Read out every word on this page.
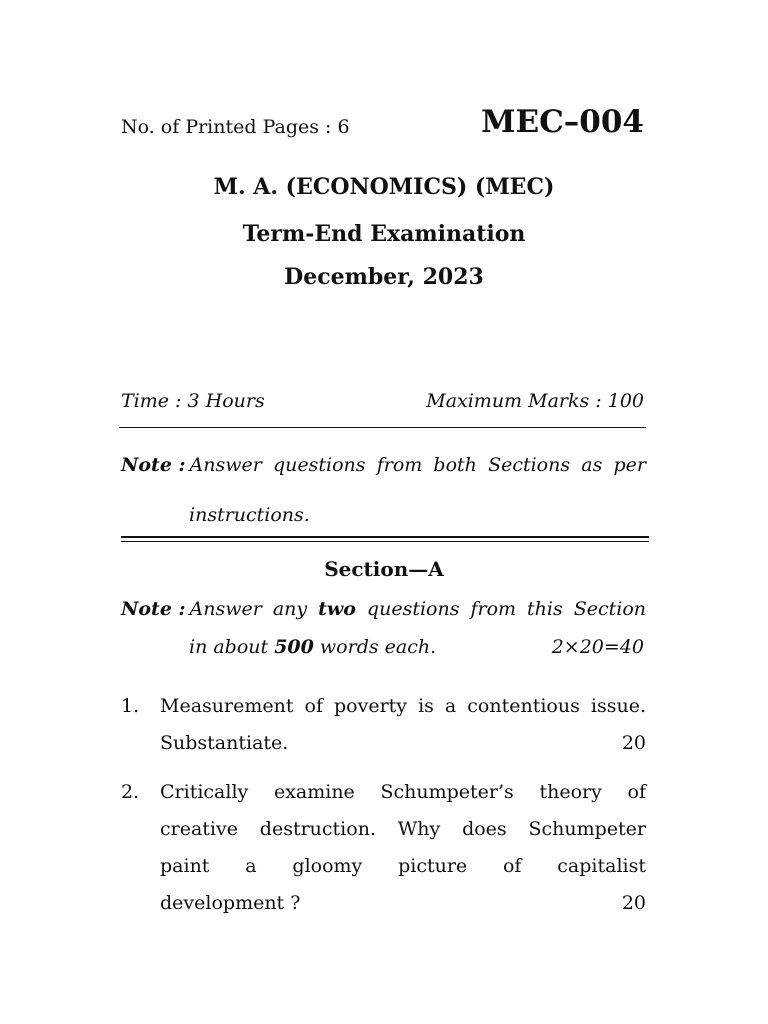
No. of Printed Pages : 6	MEC–004
M. A. (ECONOMICS) (MEC)
Term-End Examination
December, 2023
Time : 3 Hours	Maximum Marks : 100
Note : Answer questions from both Sections as per
instructions.
Section—A
Note : Answer any two questions from this Section
in about 500 words each.	2×20=40
1. Measurement of poverty is a contentious issue.
Substantiate.	20
2. Critically examine Schumpeter’s theory of
creative destruction. Why does Schumpeter
paint a gloomy picture of capitalist
development ?	20
